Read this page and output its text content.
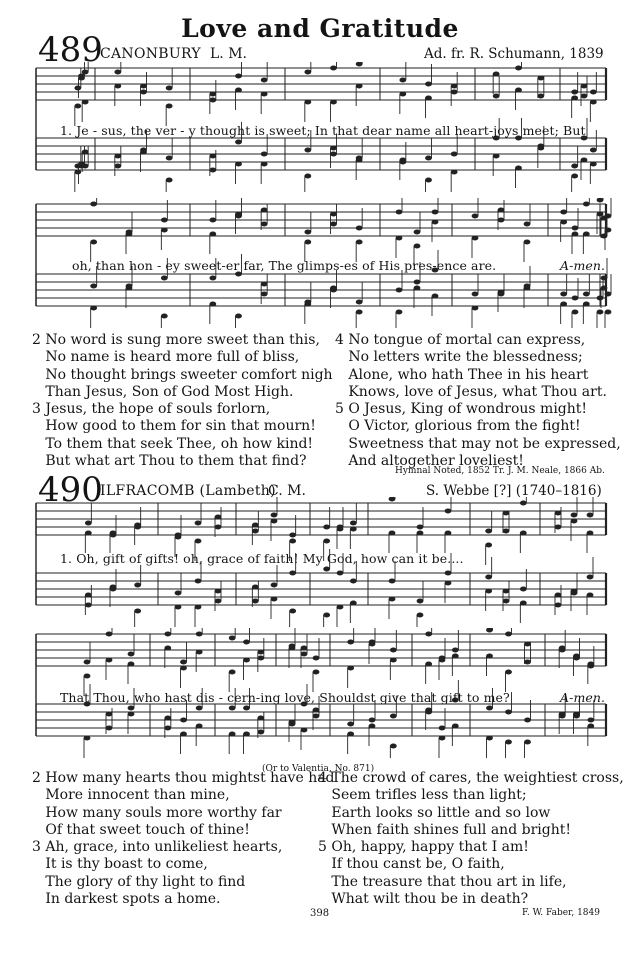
Love and Gratitude
489
CANONBURY L. M.	Ad. fr. R. Schumann, 1839
1. Je - sus, the ver - y thought is sweet; In that dear name all heart-joys meet; But
oh, than hon - ey sweet-er far, The glimps-es of His pres-ence are.	A-men.
2 No word is sung more sweet than this,
No name is heard more full of bliss,
No thought brings sweeter comfort nigh
Than Jesus, Son of God Most High.
3 Jesus, the hope of souls forlorn,
How good to them for sin that mourn!
To them that seek Thee, oh how kind!
But what art Thou to them that find?
4 No tongue of mortal can express,
No letters write the blessedness;
Alone, who hath Thee in his heart
Knows, love of Jesus, what Thou art.
5 O Jesus, King of wondrous might!
O Victor, glorious from the fight!
Sweetness that may not be expressed,
And altogether loveliest!
Hymnal Noted, 1852 Tr. J. M. Neale, 1866 Ab.
490
ILFRACOMB (Lambeth)
C. M.	S. Webbe [?] (1740–1816)
1. Oh, gift of gifts! oh, grace of faith! My God, how can it be....
That Thou, who hast dis - cern-ing love, Shouldst give that gift to me?	A-men.
(Or to Valentia, No. 871)
2 How many hearts thou mightst have had
More innocent than mine,
How many souls more worthy far
Of that sweet touch of thine!
3 Ah, grace, into unlikeliest hearts,
It is thy boast to come,
The glory of thy light to find
In darkest spots a home.
4 The crowd of cares, the weightiest cross,
Seem trifles less than light;
Earth looks so little and so low
When faith shines full and bright!
5 Oh, happy, happy that I am!
If thou canst be, O faith,
The treasure that thou art in life,
What wilt thou be in death?
398	F. W. Faber, 1849
